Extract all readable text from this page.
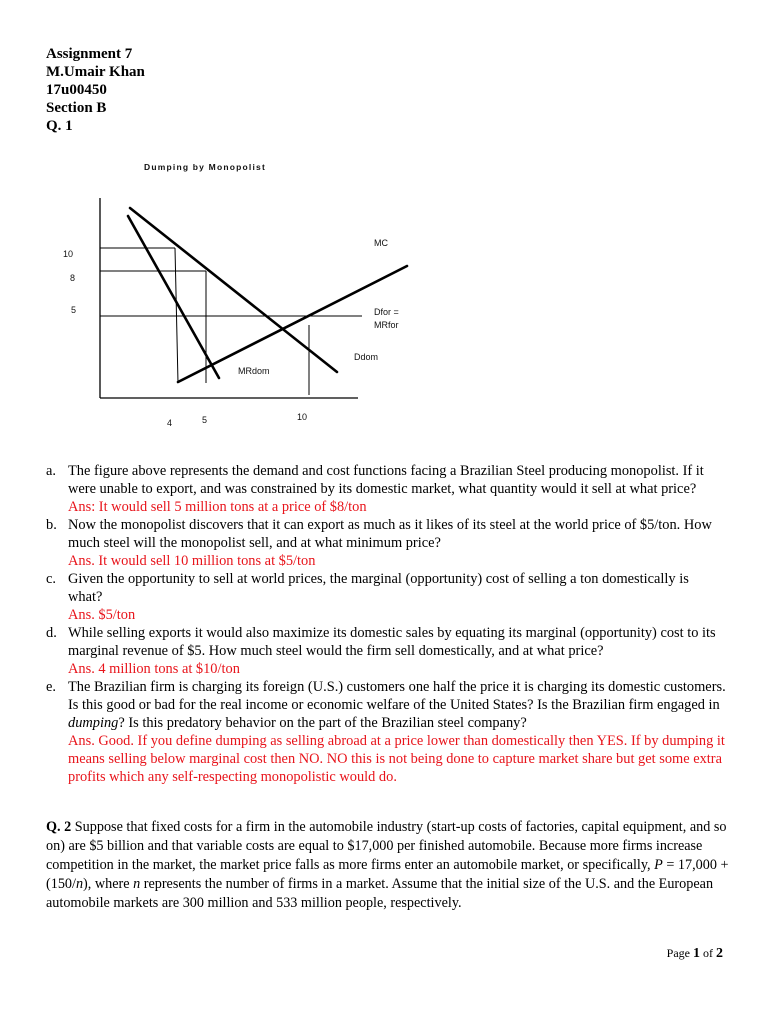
Assignment 7
M.Umair Khan
17u00450
Section B
Q. 1
Dumping by Monopolist
10
8
5
4	5	10
MC
Dfor =
MRfor
Ddom
MRdom
a. The figure above represents the demand and cost functions facing a Brazilian Steel producing monopolist. If it were unable to export, and was constrained by its domestic market, what quantity would it sell at what price?
Ans: It would sell 5 million tons at a price of $8/ton
b. Now the monopolist discovers that it can export as much as it likes of its steel at the world price of $5/ton. How much steel will the monopolist sell, and at what minimum price?
Ans. It would sell 10 million tons at $5/ton
c. Given the opportunity to sell at world prices, the marginal (opportunity) cost of selling a ton domestically is what?
Ans. $5/ton
d. While selling exports it would also maximize its domestic sales by equating its marginal (opportunity) cost to its marginal revenue of $5. How much steel would the firm sell domestically, and at what price?
Ans. 4 million tons at $10/ton
e. The Brazilian firm is charging its foreign (U.S.) customers one half the price it is charging its domestic customers. Is this good or bad for the real income or economic welfare of the United States? Is the Brazilian firm engaged in dumping? Is this predatory behavior on the part of the Brazilian steel company?
Ans. Good. If you define dumping as selling abroad at a price lower than domestically then YES. If by dumping it means selling below marginal cost then NO. NO this is not being done to capture market share but get some extra profits which any self-respecting monopolistic would do.
Q. 2 Suppose that fixed costs for a firm in the automobile industry (start-up costs of factories, capital equipment, and so on) are $5 billion and that variable costs are equal to $17,000 per finished automobile. Because more firms increase competition in the market, the market price falls as more firms enter an automobile market, or specifically, P = 17,000 + (150/n), where n represents the number of firms in a market. Assume that the initial size of the U.S. and the European automobile markets are 300 million and 533 million people, respectively.
Page 1 of 2
